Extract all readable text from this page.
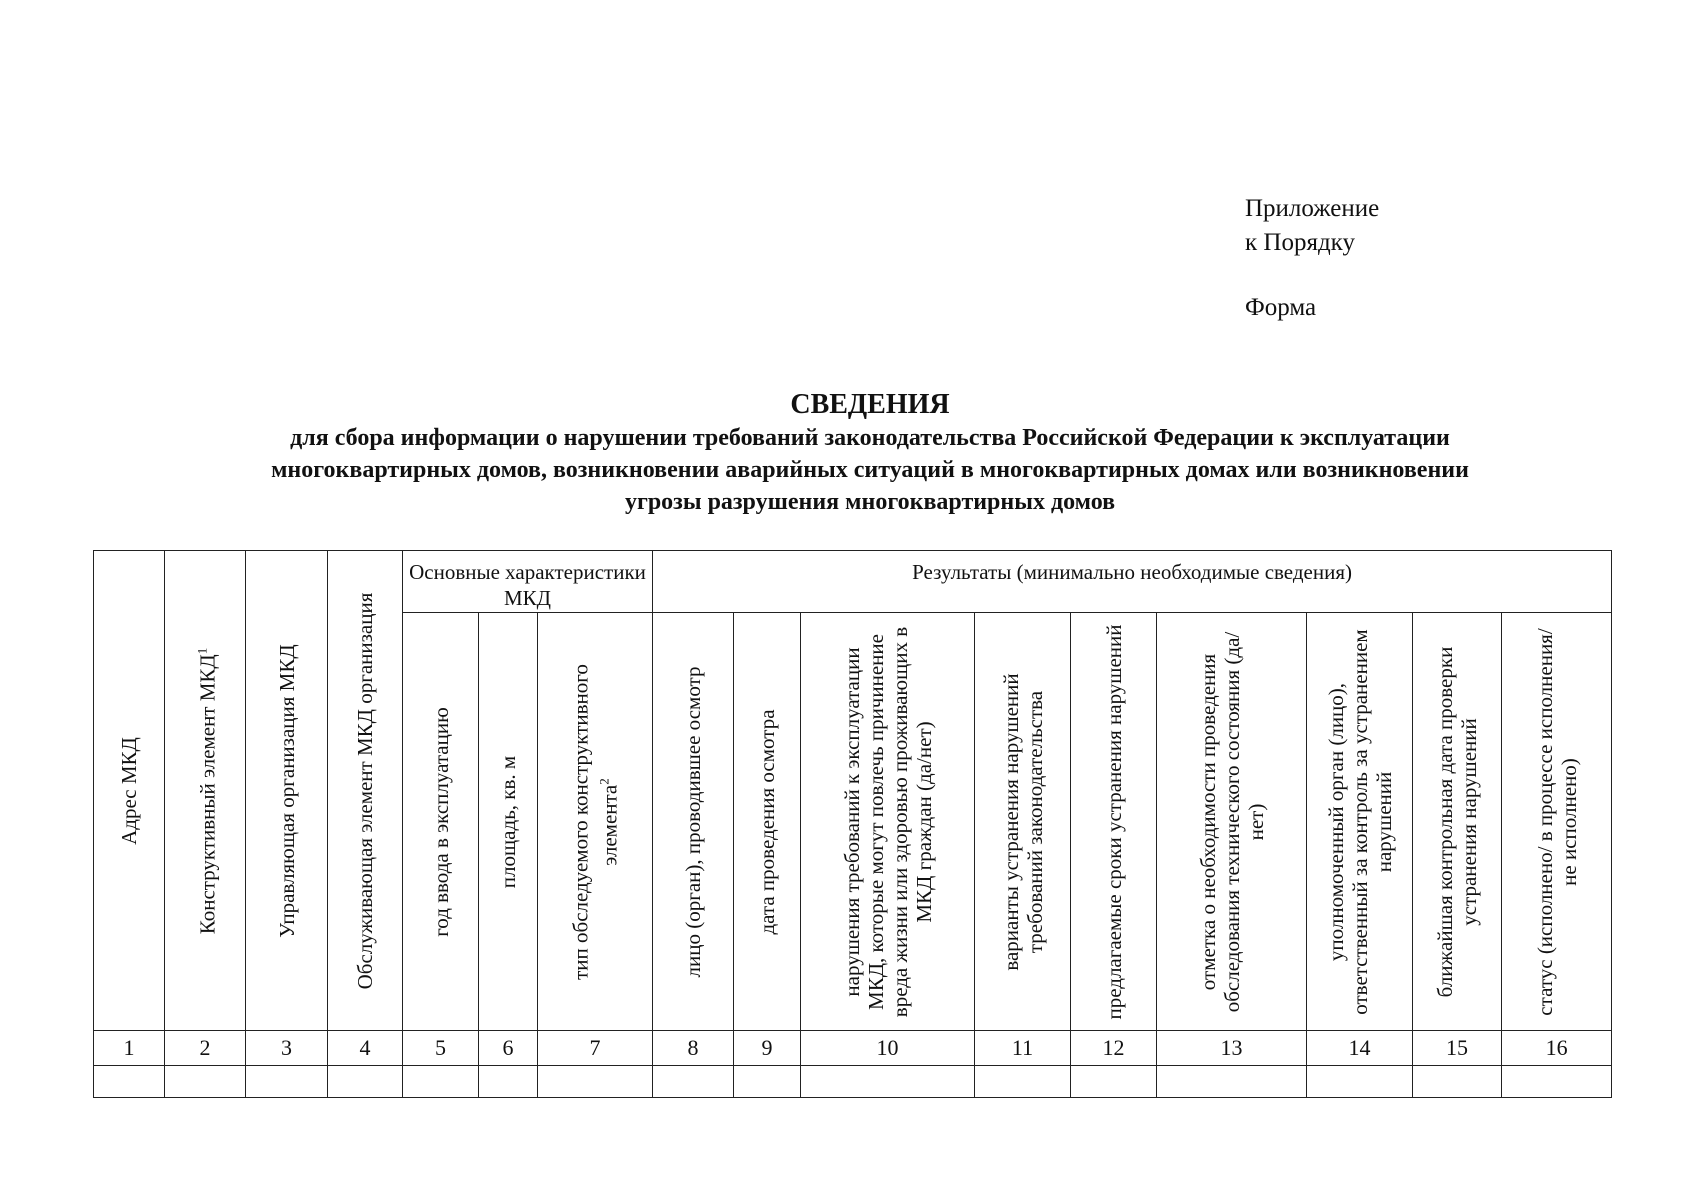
Приложение
к Порядку
Форма
СВЕДЕНИЯ
для сбора информации о нарушении требований законодательства Российской Федерации к эксплуатации
многоквартирных домов, возникновении аварийных ситуаций в многоквартирных домах или возникновении
угрозы разрушения многоквартирных домов
Адрес МКД	Конструктивный элемент МКД$^1$	Управляющая организация МКД	Обслуживающая элемент МКД организация	Основные характеристики МКД			Результаты (минимально необходимые сведения)								

				год ввода в эксплуатацию	площадь, кв. м	тип обследуемого конструктивного элемента$^2$	лицо (орган), проводившее осмотр	дата проведения осмотра	нарушения требований к эксплуатации МКД, которые могут повлечь причинение вреда жизни или здоровью проживающих в МКД граждан (да/нет)	варианты устранения нарушений требований законодательства	предлагаемые сроки устранения нарушений	отметка о необходимости проведения обследования технического состояния (да/нет)	уполномоченный орган (лицо), ответственный за контроль за устранением нарушений	ближайшая контрольная дата проверки устранения нарушений	статус (исполнено/ в процессе исполнения/ не исполнено)

1	2	3	4	5	6	7	8	9	10	11	12	13	14	15	16
